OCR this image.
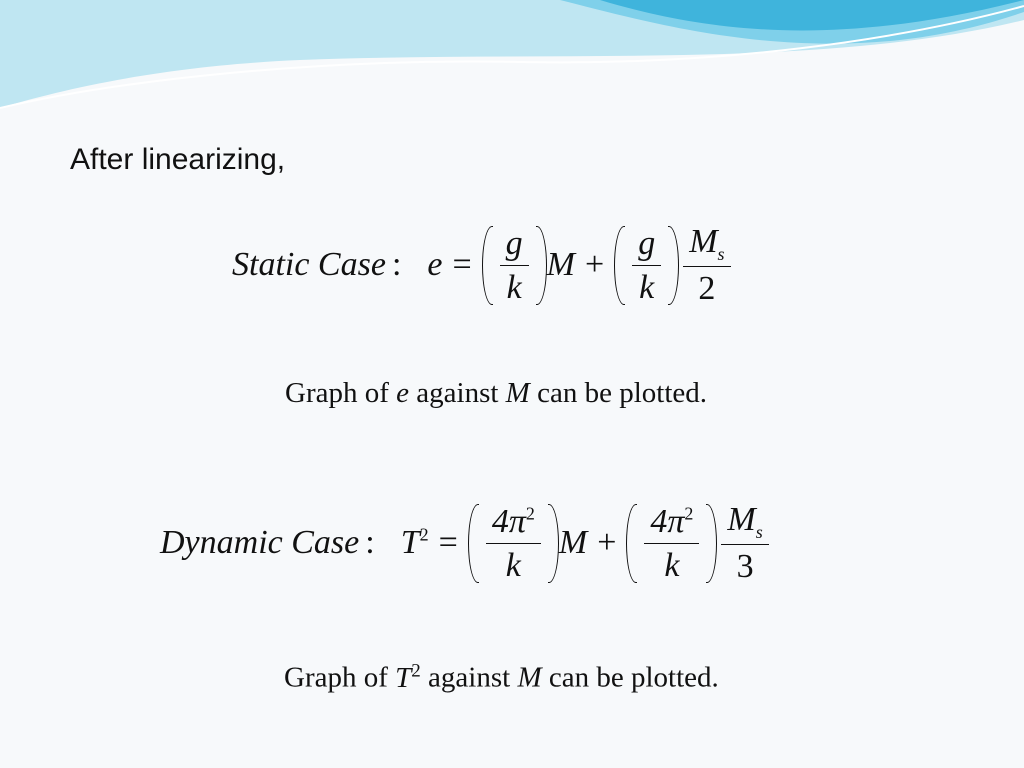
After linearizing,
Static Case : $e = \frac{g}{k}$ $M + \frac{g}{k} \frac{M_s}{2}$
Graph of e against M can be plotted.
Dynamic Case : $T^2 = \frac{4\pi^2}{k}$ $M + \frac{4\pi^2}{k} \frac{M_s}{3}$
Graph of $T^2$ against M can be plotted.
